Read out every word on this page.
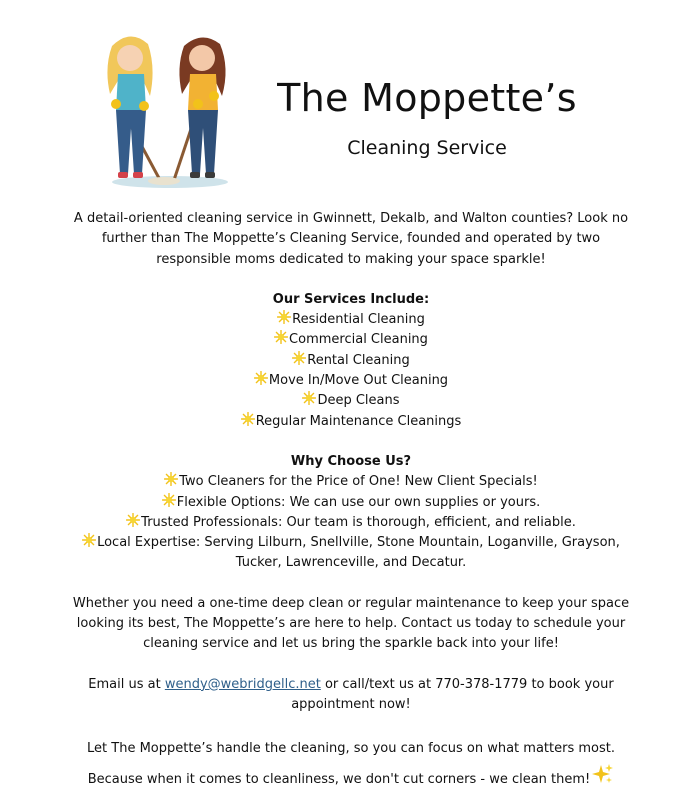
The Moppette’s
Cleaning Service

A detail-oriented cleaning service in Gwinnett, Dekalb, and Walton counties? Look no further than The Moppette’s Cleaning Service, founded and operated by two responsible moms dedicated to making your space sparkle!

Our Services Include:

Residential Cleaning

Commercial Cleaning

Rental Cleaning

Move In/Move Out Cleaning

Deep Cleans

Regular Maintenance Cleanings

Why Choose Us?

Two Cleaners for the Price of One! New Client Specials!

Flexible Options: We can use our own supplies or yours.

Trusted Professionals: Our team is thorough, efficient, and reliable.

Local Expertise: Serving Lilburn, Snellville, Stone Mountain, Loganville, Grayson, Tucker, Lawrenceville, and Decatur.

Whether you need a one-time deep clean or regular maintenance to keep your space looking its best, The Moppette’s are here to help. Contact us today to schedule your cleaning service and let us bring the sparkle back into your life!

Email us at wendy@webridgellc.net or call/text us at 770-378-1779 to book your appointment now!

Let The Moppette’s handle the cleaning, so you can focus on what matters most. Because when it comes to cleanliness, we don't cut corners - we clean them!
